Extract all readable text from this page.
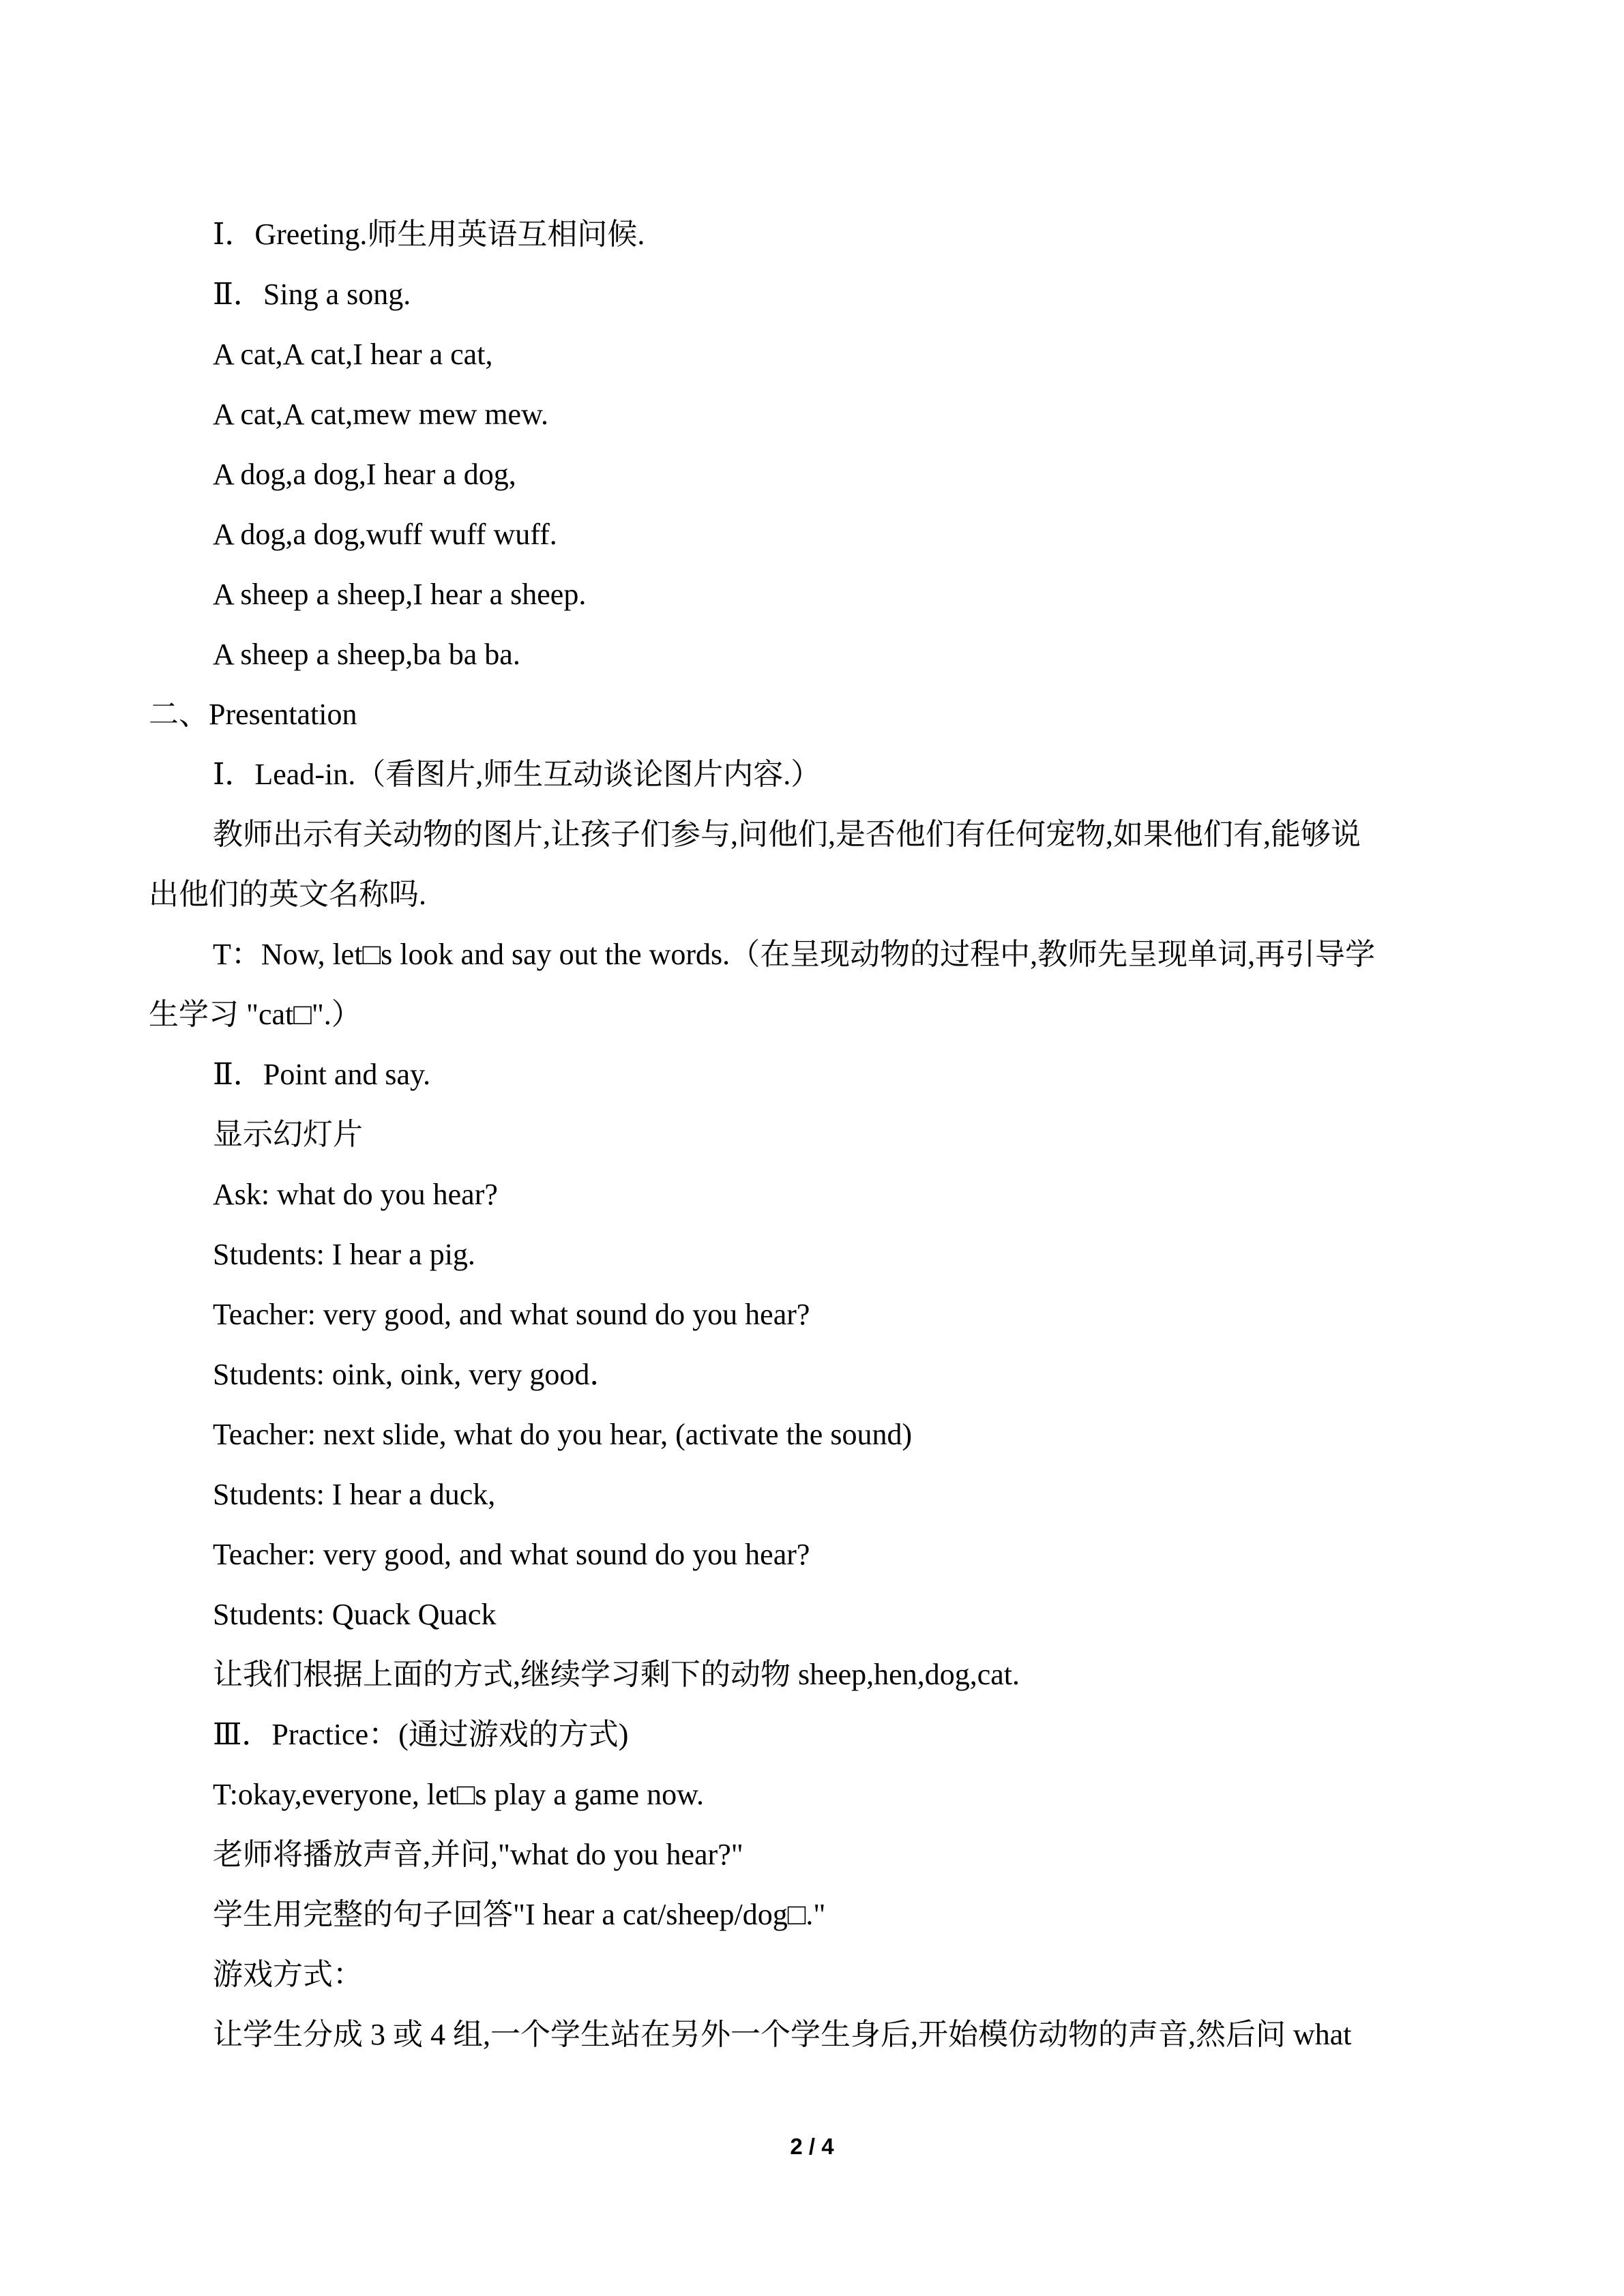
Ⅰ．Greeting.师生用英语互相问候.
Ⅱ．Sing a song.
A cat,A cat,I hear a cat,
A cat,A cat,mew mew mew.
A dog,a dog,I hear a dog,
A dog,a dog,wuff wuff wuff.
A sheep a sheep,I hear a sheep.
A sheep a sheep,ba ba ba.
二、Presentation
Ⅰ．Lead-in.（看图片,师生互动谈论图片内容.）
教师出示有关动物的图片,让孩子们参与,问他们,是否他们有任何宠物,如果他们有,能够说
出他们的英文名称吗.
T：Now, let□s look and say out the words.（在呈现动物的过程中,教师先呈现单词,再引导学
生学习 "cat□".）
Ⅱ．Point and say.
显示幻灯片
Ask: what do you hear?
Students: I hear a pig.
Teacher: very good, and what sound do you hear?
Students: oink, oink, very good．
Teacher: next slide, what do you hear, (activate the sound)
Students: I hear a duck,
Teacher: very good, and what sound do you hear?
Students: Quack Quack
让我们根据上面的方式,继续学习剩下的动物 sheep,hen,dog,cat.
Ⅲ．Practice：(通过游戏的方式)
T:okay,everyone, let□s play a game now.
老师将播放声音,并问,"what do you hear?"
学生用完整的句子回答"I hear a cat/sheep/dog□."
游戏方式：
让学生分成 3 或 4 组,一个学生站在另外一个学生身后,开始模仿动物的声音,然后问 what
2 / 4
